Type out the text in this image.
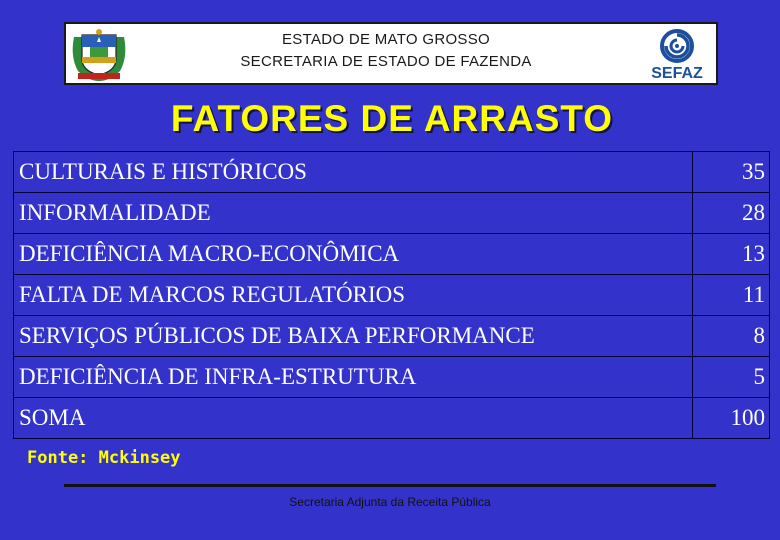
ESTADO DE MATO GROSSO
SECRETARIA DE ESTADO DE FAZENDA
SEFAZ
FATORES DE ARRASTO
CULTURAIS E HISTÓRICOS	35
INFORMALIDADE	28
DEFICIÊNCIA MACRO-ECONÔMICA	13
FALTA DE MARCOS REGULATÓRIOS	11
SERVIÇOS PÚBLICOS DE BAIXA PERFORMANCE	8
DEFICIÊNCIA DE INFRA-ESTRUTURA	5
SOMA	100
Fonte: Mckinsey
Secretaria Adjunta da Receita Pública
